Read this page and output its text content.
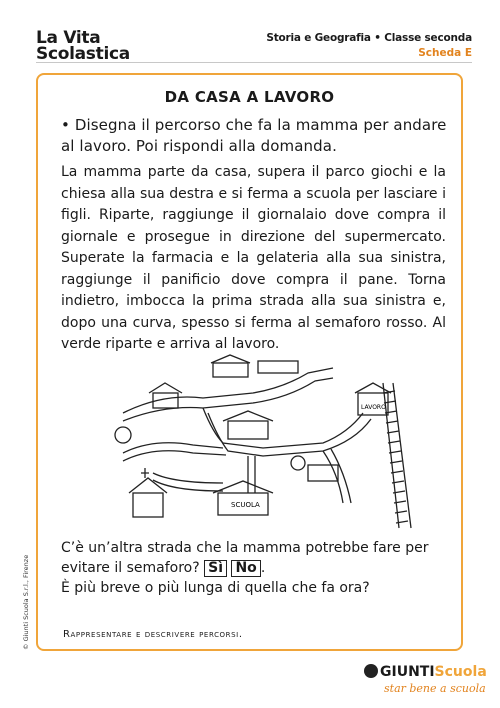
La Vita
Scolastica
Storia e Geografia • Classe seconda
Scheda E
DA CASA A LAVORO
• Disegna il percorso che fa la mamma per andare al lavoro. Poi rispondi alla domanda.
La mamma parte da casa, supera il parco giochi e la chiesa alla sua destra e si ferma a scuola per lasciare i figli. Riparte, raggiunge il giornalaio dove compra il giornale e prosegue in direzione del supermercato. Superate la farmacia e la gelateria alla sua sinistra, raggiunge il panificio dove compra il pane. Torna indietro, imbocca la prima strada alla sua sinistra e, dopo una curva, spesso si ferma al semaforo rosso. Al verde riparte e arriva al lavoro.
SCUOLA
LAVORO
C’è un’altra strada che la mamma potrebbe fare per evitare il semaforo? Sì No .
È più breve o più lunga di quella che fa ora?
Rappresentare e descrivere percorsi.
© Giunti Scuola S.r.l., Firenze
GIUNTIScuola
star bene a scuola
